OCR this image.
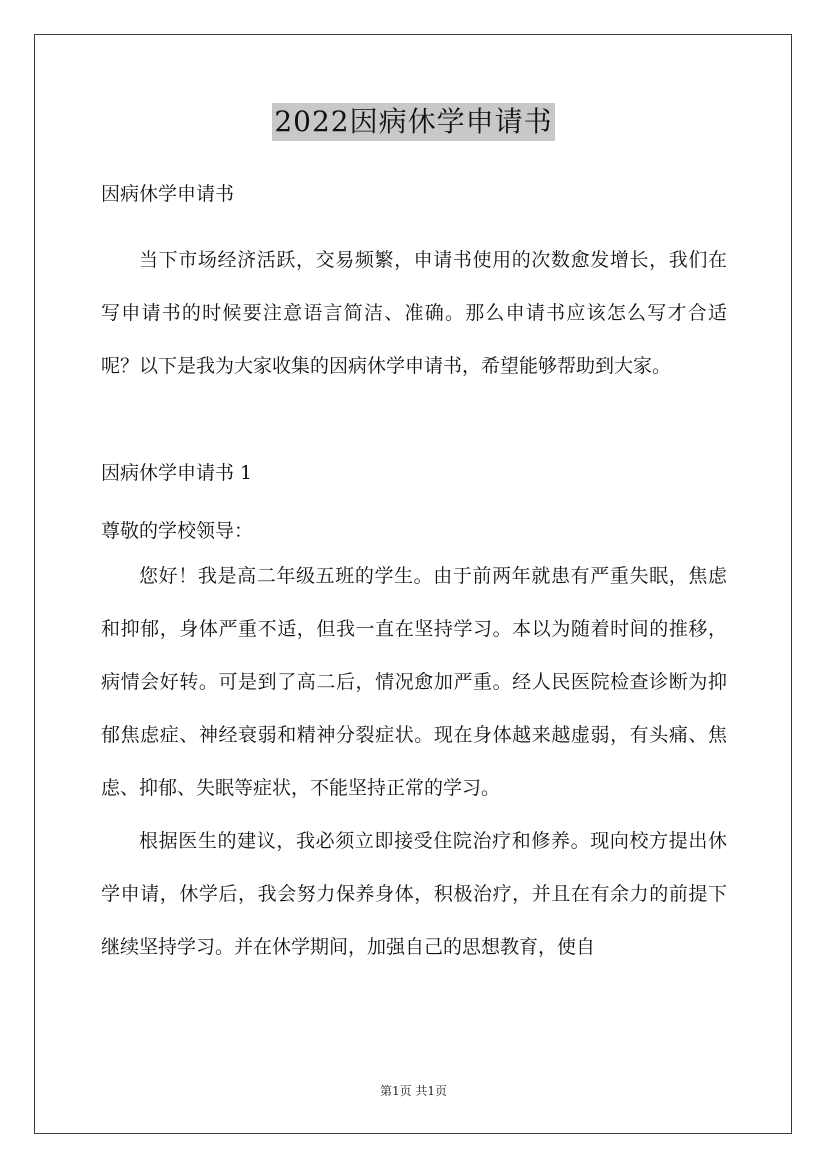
2022因病休学申请书
因病休学申请书

当下市场经济活跃，交易频繁，申请书使用的次数愈发增长，我们在写申请书的时候要注意语言简洁、准确。那么申请书应该怎么写才合适呢？以下是我为大家收集的因病休学申请书，希望能够帮助到大家。

因病休学申请书 1
尊敬的学校领导：

您好！我是高二年级五班的学生。由于前两年就患有严重失眠，焦虑和抑郁，身体严重不适，但我一直在坚持学习。本以为随着时间的推移，病情会好转。可是到了高二后，情况愈加严重。经人民医院检查诊断为抑郁焦虑症、神经衰弱和精神分裂症状。现在身体越来越虚弱，有头痛、焦虑、抑郁、失眠等症状，不能坚持正常的学习。

根据医生的建议，我必须立即接受住院治疗和修养。现向校方提出休学申请，休学后，我会努力保养身体，积极治疗，并且在有余力的前提下继续坚持学习。并在休学期间，加强自己的思想教育，使自

第1页 共1页
